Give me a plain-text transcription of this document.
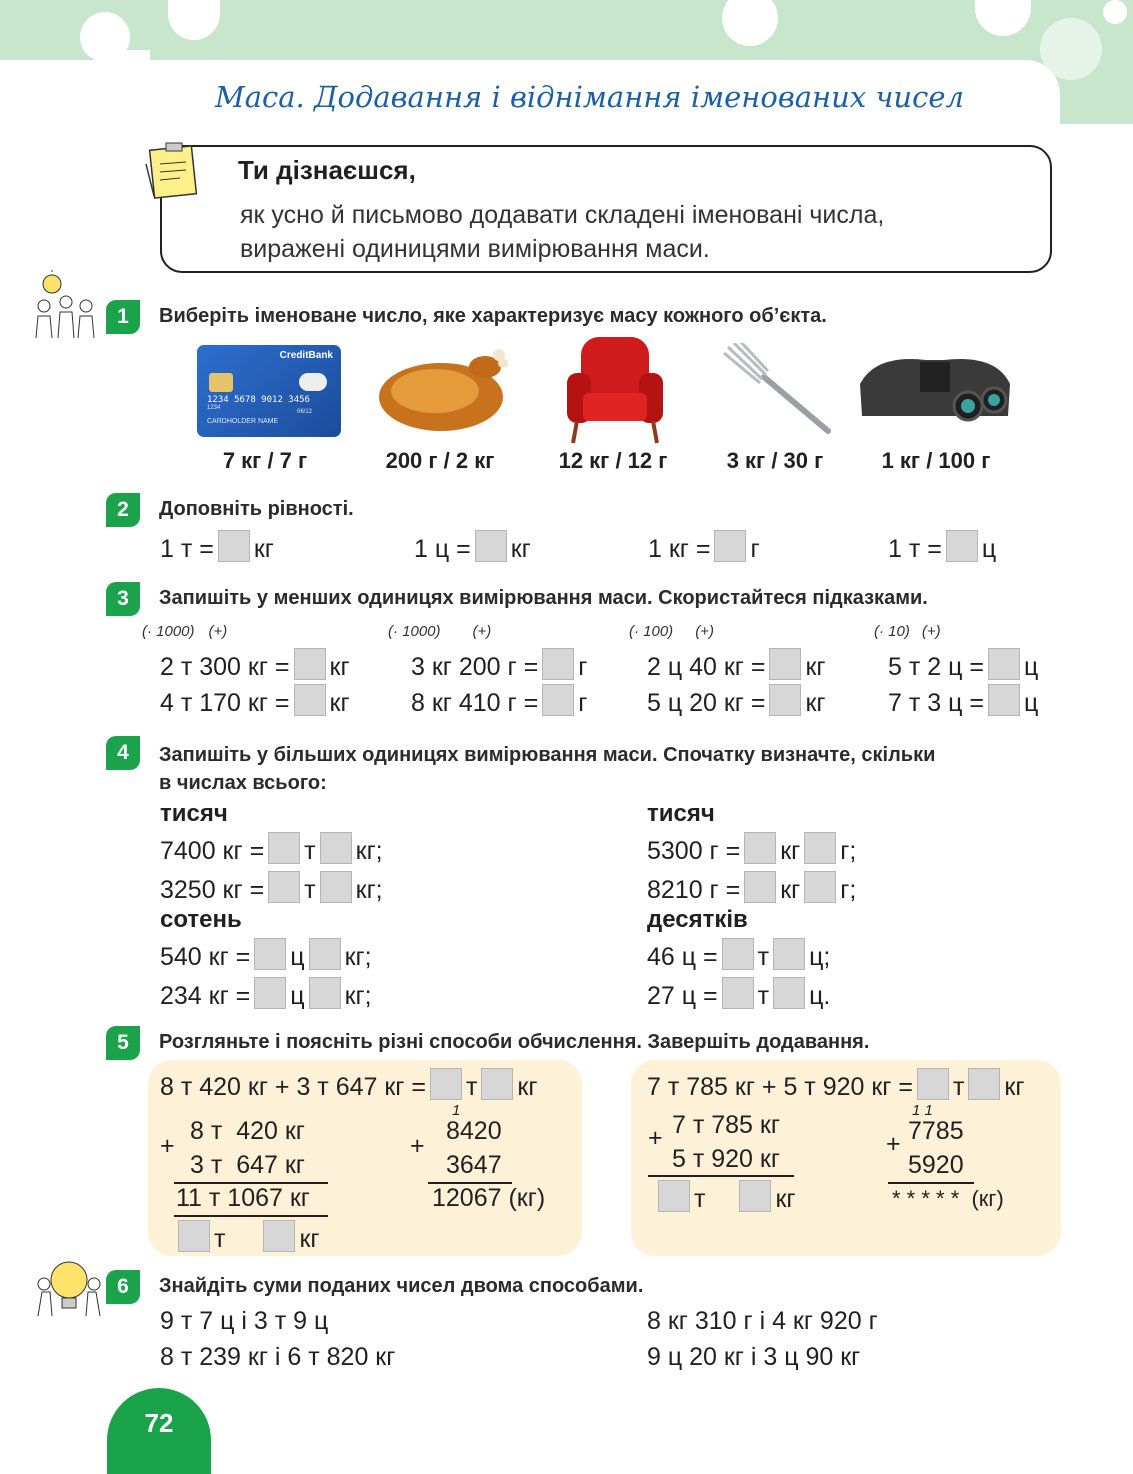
Маса. Додавання і віднімання іменованих чисел
Ти дізнаєшся,
як усно й письмово додавати складені іменовані числа,
виражені одиницями вимірювання маси.
1	Виберіть іменоване число, яке характеризує масу кожного об’єкта.
CreditBank
1234 5678 9012 3456
1234
06/12
CARDHOLDER NAME
7 кг / 7 г	200 г / 2 кг	12 кг / 12 г	3 кг / 30 г	1 кг / 100 г
2	Доповніть рівності.
1 т = кг	1 ц = кг	1 кг = г	1 т = ц
3	Запишіть у менших одиницях вимірювання маси. Скористайтеся підказками.
(· 1000) (+)	(· 1000) (+)	(· 100) (+)	(· 10) (+)
2 т 300 кг = кг 3 кг 200 г = г 2 ц 40 кг = кг 5 т 2 ц = ц
4 т 170 кг = кг 8 кг 410 г = г 5 ц 20 кг = кг 7 т 3 ц = ц
4	Запишіть у більших одиницях вимірювання маси. Спочатку визначте, скільки
в числах всього:
тисяч
7400 кг = т кг;
3250 кг = т кг;
тисяч
5300 г = кг г;
8210 г = кг г;
сотень
540 кг = ц кг;
234 кг = ц кг;
десятків
46 ц = т ц;
27 ц = т ц.
5	Розгляньте і поясніть різні способи обчислення. Завершіть додавання.
8 т 420 кг + 3 т 647 кг = т кг
+
8 т  420 кг
3 т  647 кг
11 т 1067 кг
т	кг
1
+
8420
3647
12067 (кг)
7 т 785 кг + 5 т 920 кг = т кг
+ 7 т 785 кг
5 т 920 кг
т	кг
1 1
+ 7785
5920
* * * * *  (кг)
6	Знайдіть суми поданих чисел двома способами.
9 т 7 ц і 3 т 9 ц	8 кг 310 г і 4 кг 920 г
8 т 239 кг і 6 т 820 кг	9 ц 20 кг і 3 ц 90 кг
72
